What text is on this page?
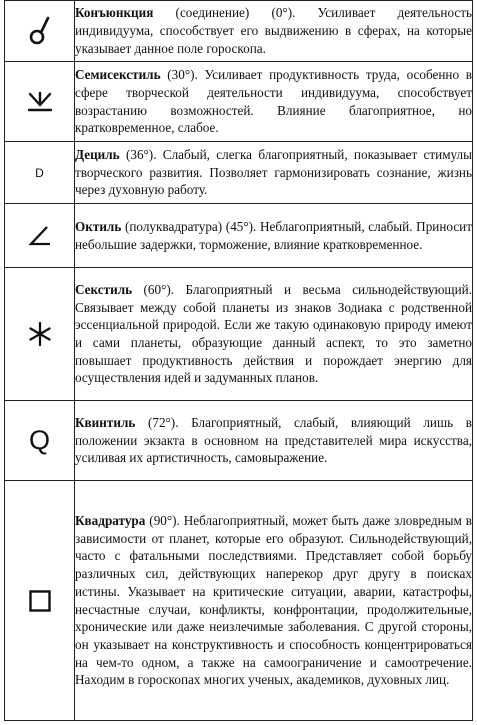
	Конъюнкция (соединение) (0°). Усиливает деятельность индивидуума, способствует его выдвижению в сферах, на которые указывает данное поле гороскопа.

	Семисекстиль (30°). Усиливает продуктивность труда, особенно в сфере творческой деятельности индивидуума, способствует возрастанию возможностей. Влияние благоприятное, но кратковременное, слабое.
D	Дециль (36°). Слабый, слегка благоприятный, показывает стимулы творческого развития. Позволяет гармонизировать сознание, жизнь через духовную работу.

	Октиль (полуквадратура) (45°). Неблагоприятный, слабый. Приносит небольшие задержки, торможение, влияние кратковременное.

	Секстиль (60°). Благоприятный и весьма сильнодействующий. Связывает между собой планеты из знаков Зодиака с родственной эссенциальной природой. Если же такую одинаковую природу имеют и сами планеты, образующие данный аспект, то это заметно повышает продуктивность действия и порождает энергию для осуществления идей и задуманных планов.
Q	Квинтиль (72°). Благоприятный, слабый, влияющий лишь в положении экзакта в основном на представителей мира искусства, усиливая их артистичность, самовыражение.

	Квадратура (90°). Неблагоприятный, может быть даже зловредным в зависимости от планет, которые его образуют. Сильнодействующий, часто с фатальными последствиями. Представляет собой борьбу различных сил, действующих наперекор друг другу в поисках истины. Указывает на критические ситуации, аварии, катастрофы, несчастные случаи, конфликты, конфронтации, продолжительные, хронические или даже неизлечимые заболевания. С другой стороны, он указывает на конструктивность и способность концентрироваться на чем-то одном, а также на самоограничение и самоотречение. Находим в гороскопах многих ученых, академиков, духовных лиц.
